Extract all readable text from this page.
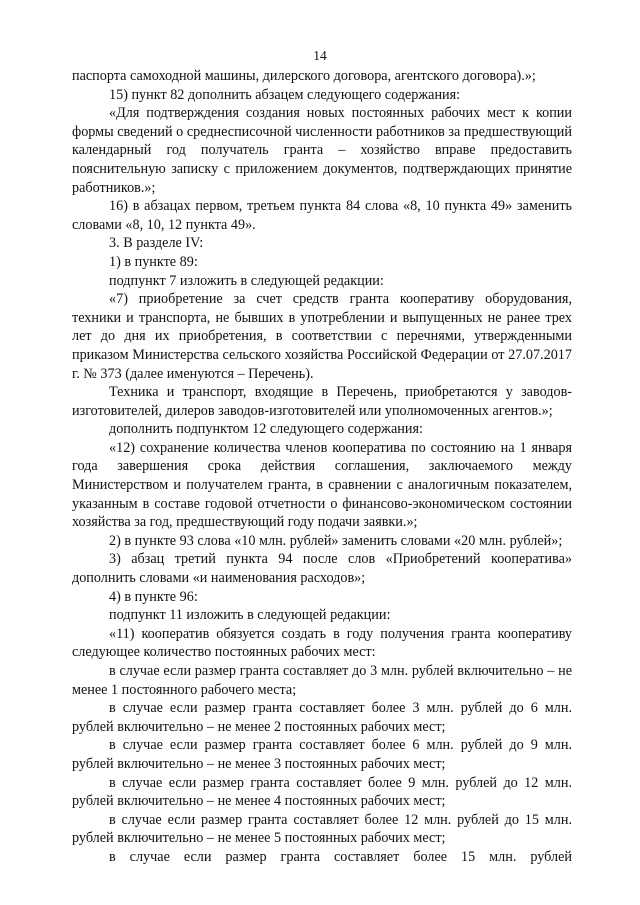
14

паспорта самоходной машины, дилерского договора, агентского договора).»;

15) пункт 82 дополнить абзацем следующего содержания:

«Для подтверждения создания новых постоянных рабочих мест к копии формы сведений о среднесписочной численности работников за предшествующий календарный год получатель гранта – хозяйство вправе предоставить пояснительную записку с приложением документов, подтверждающих принятие работников.»;

16) в абзацах первом, третьем пункта 84 слова «8, 10 пункта 49» заменить словами «8, 10, 12 пункта 49».

3. В разделе IV:

1) в пункте 89:

подпункт 7 изложить в следующей редакции:

«7) приобретение за счет средств гранта кооперативу оборудования, техники и транспорта, не бывших в употреблении и выпущенных не ранее трех лет до дня их приобретения, в соответствии с перечнями, утвержденными приказом Министерства сельского хозяйства Российской Федерации от 27.07.2017 г. № 373 (далее именуются – Перечень).

Техника и транспорт, входящие в Перечень, приобретаются у заводов-изготовителей, дилеров заводов-изготовителей или уполномоченных агентов.»;

дополнить подпунктом 12 следующего содержания:

«12) сохранение количества членов кооператива по состоянию на 1 января года завершения срока действия соглашения, заключаемого между Министерством и получателем гранта, в сравнении с аналогичным показателем, указанным в составе годовой отчетности о финансово-экономическом состоянии хозяйства за год, предшествующий году подачи заявки.»;

2) в пункте 93 слова «10 млн. рублей» заменить словами «20 млн. рублей»;

3) абзац третий пункта 94 после слов «Приобретений кооператива» дополнить словами «и наименования расходов»;

4) в пункте 96:

подпункт 11 изложить в следующей редакции:

«11) кооператив обязуется создать в году получения гранта кооперативу следующее количество постоянных рабочих мест:

в случае если размер гранта составляет до 3 млн. рублей включительно – не менее 1 постоянного рабочего места;

в случае если размер гранта составляет более 3 млн. рублей до 6 млн. рублей включительно – не менее 2 постоянных рабочих мест;

в случае если размер гранта составляет более 6 млн. рублей до 9 млн. рублей включительно – не менее 3 постоянных рабочих мест;

в случае если размер гранта составляет более 9 млн. рублей до 12 млн. рублей включительно – не менее 4 постоянных рабочих мест;

в случае если размер гранта составляет более 12 млн. рублей до 15 млн. рублей включительно – не менее 5 постоянных рабочих мест;

в случае если размер гранта составляет более 15 млн. рублей
